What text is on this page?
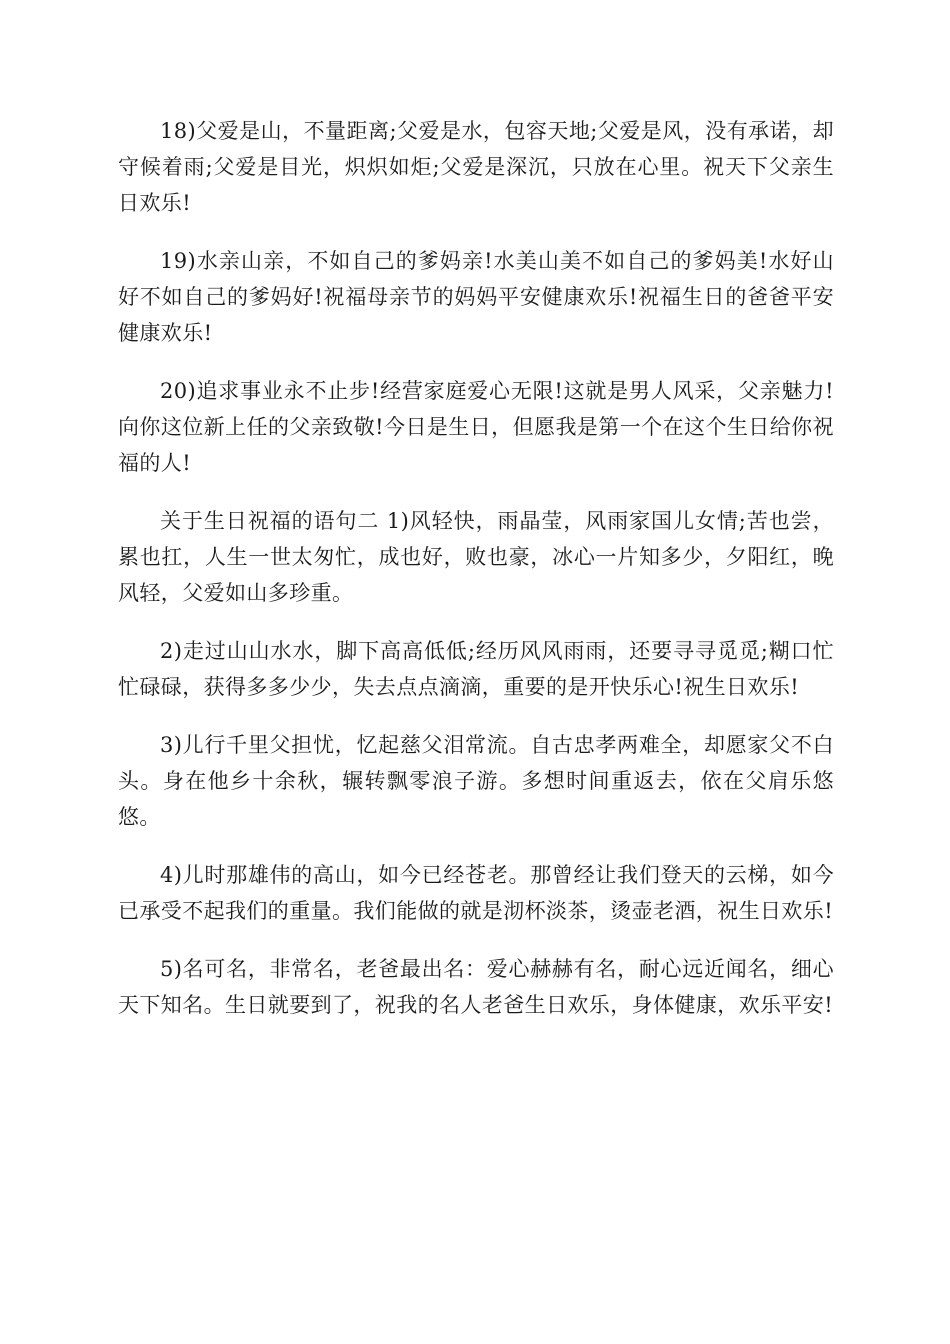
18)父爱是山，不量距离;父爱是水，包容天地;父爱是风，没有承诺，却守候着雨;父爱是目光，炽炽如炬;父爱是深沉，只放在心里。祝天下父亲生日欢乐!

19)水亲山亲，不如自己的爹妈亲!水美山美不如自己的爹妈美!水好山好不如自己的爹妈好!祝福母亲节的妈妈平安健康欢乐!祝福生日的爸爸平安健康欢乐!

20)追求事业永不止步!经营家庭爱心无限!这就是男人风采，父亲魅力!向你这位新上任的父亲致敬!今日是生日，但愿我是第一个在这个生日给你祝福的人!

关于生日祝福的语句二 1)风轻快，雨晶莹，风雨家国儿女情;苦也尝，累也扛，人生一世太匆忙，成也好，败也豪，冰心一片知多少，夕阳红，晚风轻，父爱如山多珍重。

2)走过山山水水，脚下高高低低;经历风风雨雨，还要寻寻觅觅;糊口忙忙碌碌，获得多多少少，失去点点滴滴，重要的是开快乐心!祝生日欢乐!

3)儿行千里父担忧，忆起慈父泪常流。自古忠孝两难全，却愿家父不白头。身在他乡十余秋，辗转飘零浪子游。多想时间重返去，依在父肩乐悠悠。

4)儿时那雄伟的高山，如今已经苍老。那曾经让我们登天的云梯，如今已承受不起我们的重量。我们能做的就是沏杯淡茶，烫壶老酒，祝生日欢乐!

5)名可名，非常名，老爸最出名：爱心赫赫有名，耐心远近闻名，细心天下知名。生日就要到了，祝我的名人老爸生日欢乐，身体健康，欢乐平安!
